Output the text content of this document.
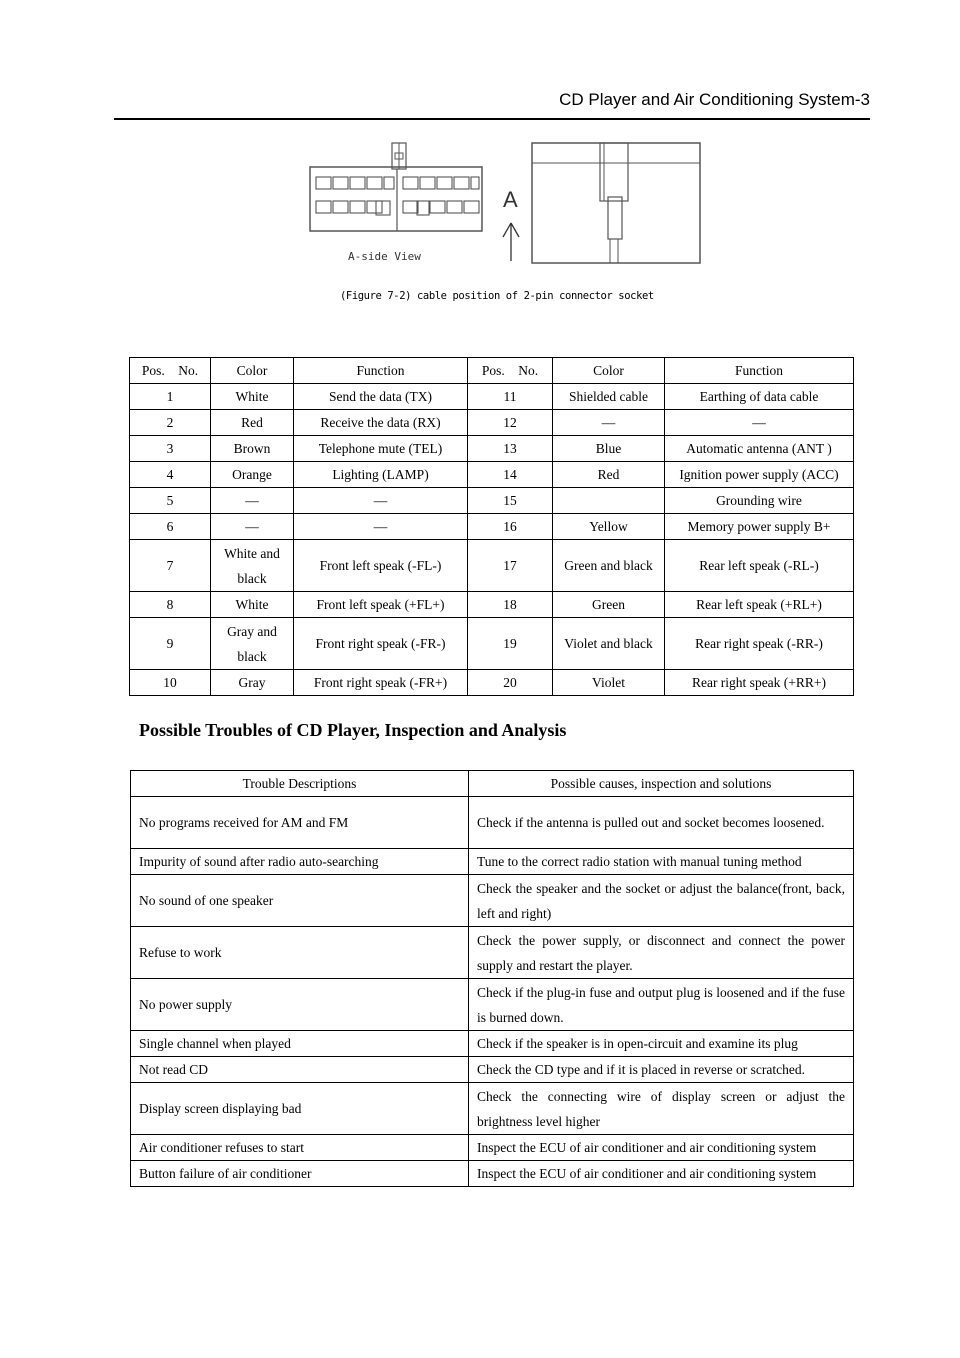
CD Player and Air Conditioning System-3
A-side View
A
(Figure 7-2) cable position of 2-pin connector socket
Pos. No.	Color	Function	Pos. No.	Color	Function
1	White	Send the data (TX)	11	Shielded cable	Earthing of data cable
2	Red	Receive the data (RX)	12	—	—
3	Brown	Telephone mute (TEL)	13	Blue	Automatic antenna (ANT )
4	Orange	Lighting (LAMP)	14	Red	Ignition power supply (ACC)
5	—	—	15		Grounding wire
6	—	—	16	Yellow	Memory power supply B+
7	White and black	Front left speak (-FL-)	17	Green and black	Rear left speak (-RL-)
8	White	Front left speak (+FL+)	18	Green	Rear left speak (+RL+)
9	Gray and black	Front right speak (-FR-)	19	Violet and black	Rear right speak (-RR-)
10	Gray	Front right speak (-FR+)	20	Violet	Rear right speak (+RR+)
Possible Troubles of CD Player, Inspection and Analysis
Trouble Descriptions	Possible causes, inspection and solutions
No programs received for AM and FM	Check if the antenna is pulled out and socket becomes loosened.
Impurity of sound after radio auto-searching	Tune to the correct radio station with manual tuning method
No sound of one speaker	Check the speaker and the socket or adjust the balance(front, back, left and right)
Refuse to work	Check the power supply, or disconnect and connect the power supply and restart the player.
No power supply	Check if the plug-in fuse and output plug is loosened and if the fuse is burned down.
Single channel when played	Check if the speaker is in open-circuit and examine its plug
Not read CD	Check the CD type and if it is placed in reverse or scratched.
Display screen displaying bad	Check the connecting wire of display screen or adjust the brightness level higher
Air conditioner refuses to start	Inspect the ECU of air conditioner and air conditioning system
Button failure of air conditioner	Inspect the ECU of air conditioner and air conditioning system
